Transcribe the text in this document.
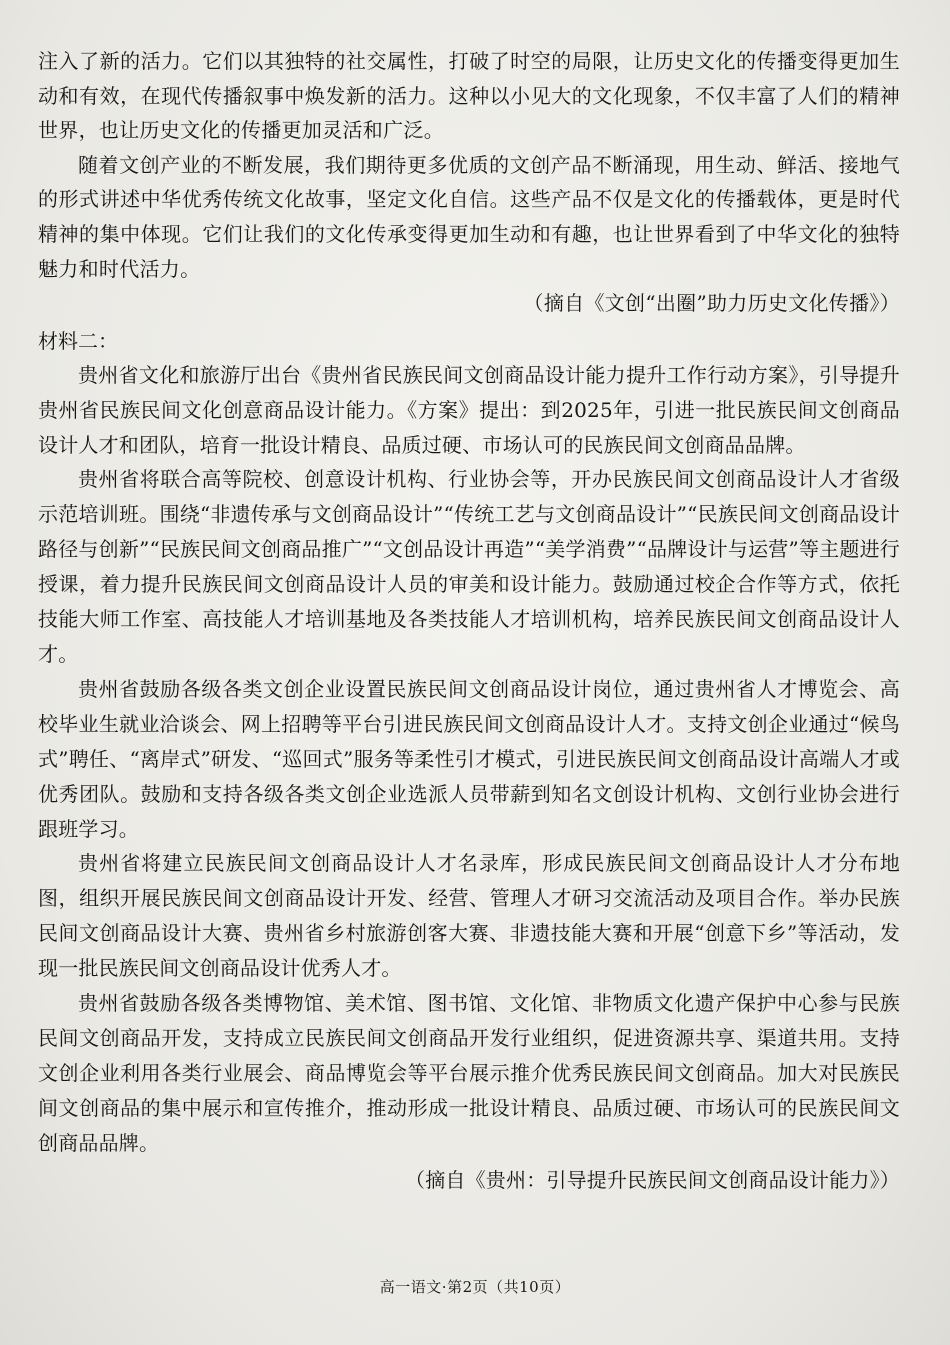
注入了新的活力。它们以其独特的社交属性，打破了时空的局限，让历史文化的传播变得更加生动和有效，在现代传播叙事中焕发新的活力。这种以小见大的文化现象，不仅丰富了人们的精神世界，也让历史文化的传播更加灵活和广泛。

随着文创产业的不断发展，我们期待更多优质的文创产品不断涌现，用生动、鲜活、接地气的形式讲述中华优秀传统文化故事，坚定文化自信。这些产品不仅是文化的传播载体，更是时代精神的集中体现。它们让我们的文化传承变得更加生动和有趣，也让世界看到了中华文化的独特魅力和时代活力。

（摘自《文创“出圈”助力历史文化传播》）

材料二：

贵州省文化和旅游厅出台《贵州省民族民间文创商品设计能力提升工作行动方案》，引导提升贵州省民族民间文化创意商品设计能力。《方案》提出：到2025年，引进一批民族民间文创商品设计人才和团队，培育一批设计精良、品质过硬、市场认可的民族民间文创商品品牌。

贵州省将联合高等院校、创意设计机构、行业协会等，开办民族民间文创商品设计人才省级示范培训班。围绕“非遗传承与文创商品设计”“传统工艺与文创商品设计”“民族民间文创商品设计路径与创新”“民族民间文创商品推广”“文创品设计再造”“美学消费”“品牌设计与运营”等主题进行授课，着力提升民族民间文创商品设计人员的审美和设计能力。鼓励通过校企合作等方式，依托技能大师工作室、高技能人才培训基地及各类技能人才培训机构，培养民族民间文创商品设计人才。

贵州省鼓励各级各类文创企业设置民族民间文创商品设计岗位，通过贵州省人才博览会、高校毕业生就业洽谈会、网上招聘等平台引进民族民间文创商品设计人才。支持文创企业通过“候鸟式”聘任、“离岸式”研发、“巡回式”服务等柔性引才模式，引进民族民间文创商品设计高端人才或优秀团队。鼓励和支持各级各类文创企业选派人员带薪到知名文创设计机构、文创行业协会进行跟班学习。

贵州省将建立民族民间文创商品设计人才名录库，形成民族民间文创商品设计人才分布地图，组织开展民族民间文创商品设计开发、经营、管理人才研习交流活动及项目合作。举办民族民间文创商品设计大赛、贵州省乡村旅游创客大赛、非遗技能大赛和开展“创意下乡”等活动，发现一批民族民间文创商品设计优秀人才。

贵州省鼓励各级各类博物馆、美术馆、图书馆、文化馆、非物质文化遗产保护中心参与民族民间文创商品开发，支持成立民族民间文创商品开发行业组织，促进资源共享、渠道共用。支持文创企业利用各类行业展会、商品博览会等平台展示推介优秀民族民间文创商品。加大对民族民间文创商品的集中展示和宣传推介，推动形成一批设计精良、品质过硬、市场认可的民族民间文创商品品牌。

（摘自《贵州：引导提升民族民间文创商品设计能力》）

高一语文·第2页（共10页）
